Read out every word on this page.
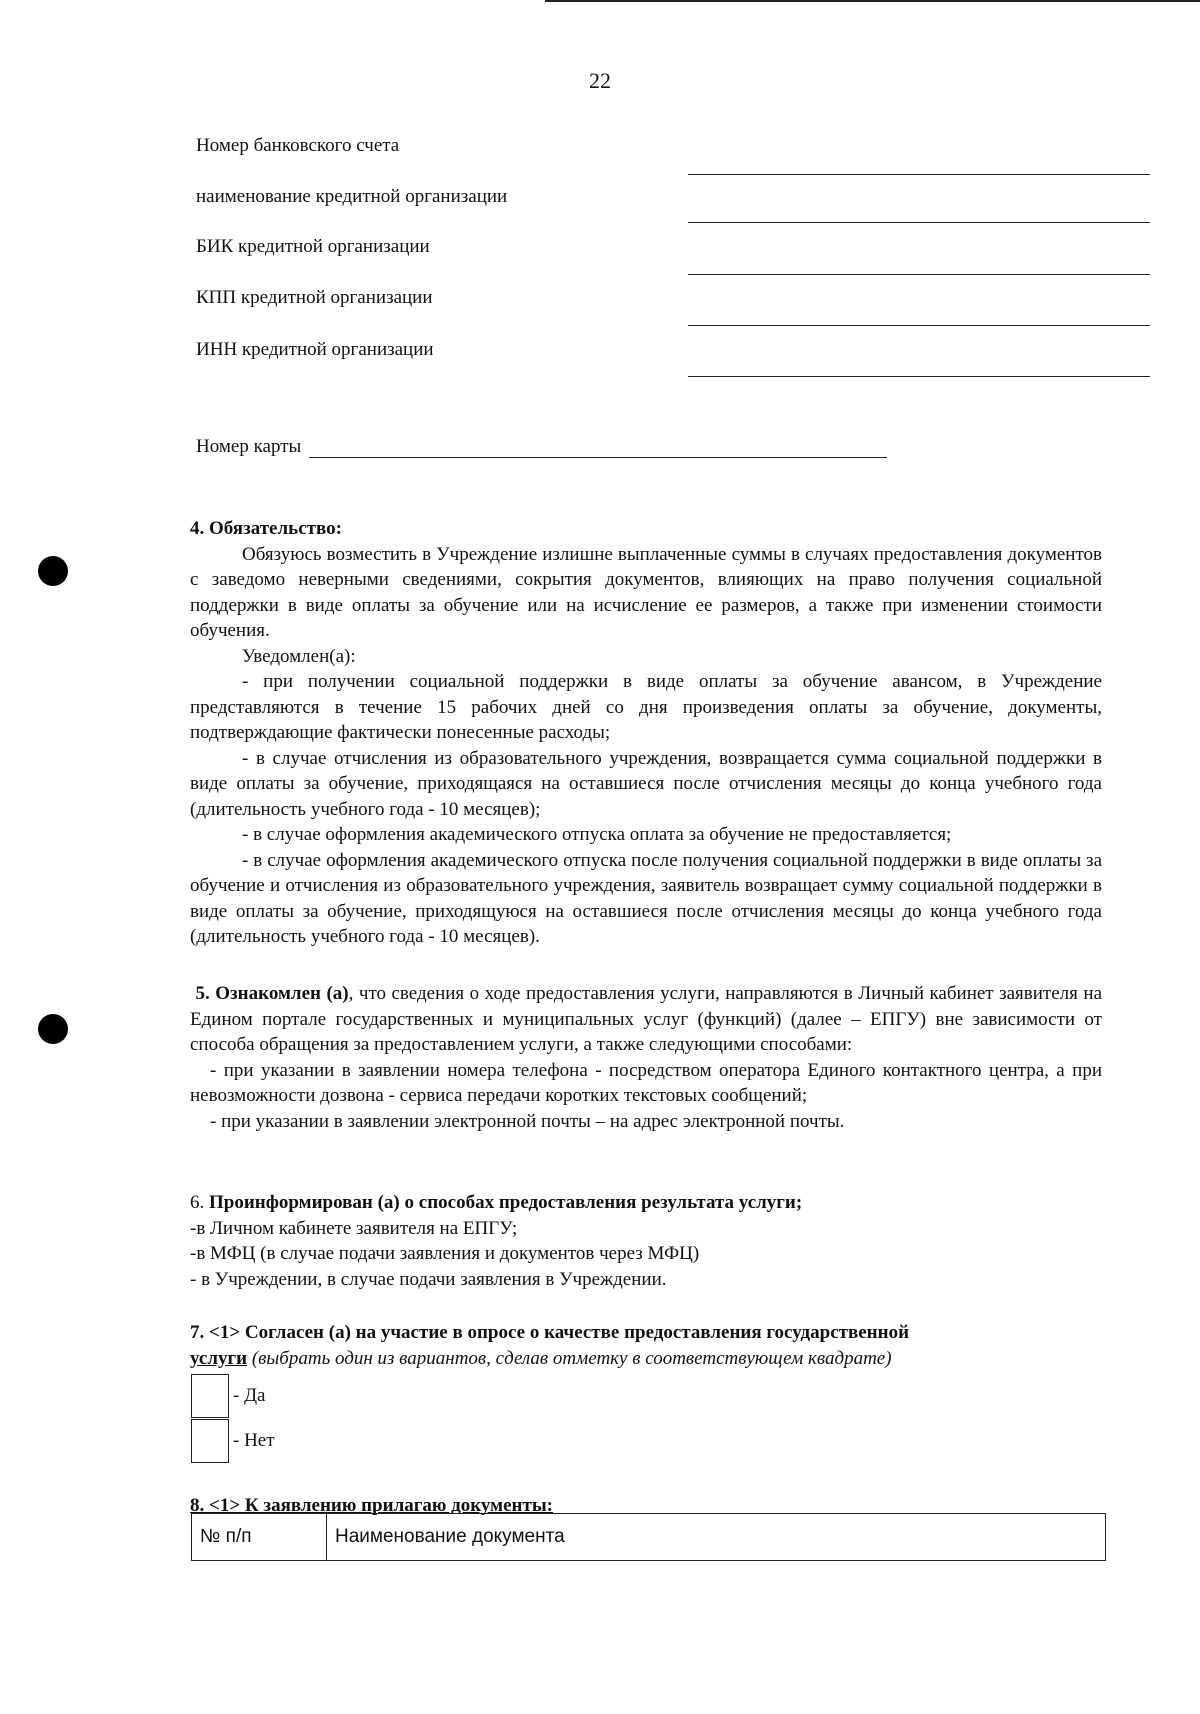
22
Номер банковского счета
наименование кредитной организации
БИК кредитной организации
КПП кредитной организации
ИНН кредитной организации
Номер карты

4. Обязательство:

Обязуюсь возместить в Учреждение излишне выплаченные суммы в случаях предоставления документов с заведомо неверными сведениями, сокрытия документов, влияющих на право получения социальной поддержки в виде оплаты за обучение или на исчисление ее размеров, а также при изменении стоимости обучения.

Уведомлен(а):

- при получении социальной поддержки в виде оплаты за обучение авансом, в Учреждение представляются в течение 15 рабочих дней со дня произведения оплаты за обучение, документы, подтверждающие фактически понесенные расходы;

- в случае отчисления из образовательного учреждения, возвращается сумма социальной поддержки в виде оплаты за обучение, приходящаяся на оставшиеся после отчисления месяцы до конца учебного года (длительность учебного года - 10 месяцев);

- в случае оформления академического отпуска оплата за обучение не предоставляется;

- в случае оформления академического отпуска после получения социальной поддержки в виде оплаты за обучение и отчисления из образовательного учреждения, заявитель возвращает сумму социальной поддержки в виде оплаты за обучение, приходящуюся на оставшиеся после отчисления месяцы до конца учебного года (длительность учебного года - 10 месяцев).

5. Ознакомлен (а), что сведения о ходе предоставления услуги, направляются в Личный кабинет заявителя на Едином портале государственных и муниципальных услуг (функций) (далее – ЕПГУ) вне зависимости от способа обращения за предоставлением услуги, а также следующими способами:

- при указании в заявлении номера телефона - посредством оператора Единого контактного центра, а при невозможности дозвона - сервиса передачи коротких текстовых сообщений;

- при указании в заявлении электронной почты – на адрес электронной почты.

6. Проинформирован (а) о способах предоставления результата услуги;

-в Личном кабинете заявителя на ЕПГУ;

-в МФЦ (в случае подачи заявления и документов через МФЦ)

- в Учреждении, в случае подачи заявления в Учреждении.

7. <1> Согласен (а) на участие в опросе о качестве предоставления государственной

услуги (выбрать один из вариантов, сделав отметку в соответствующем квадрате)

- Да
- Нет

8. <1> К заявлению прилагаю документы:

№ п/п	Наименование документа
